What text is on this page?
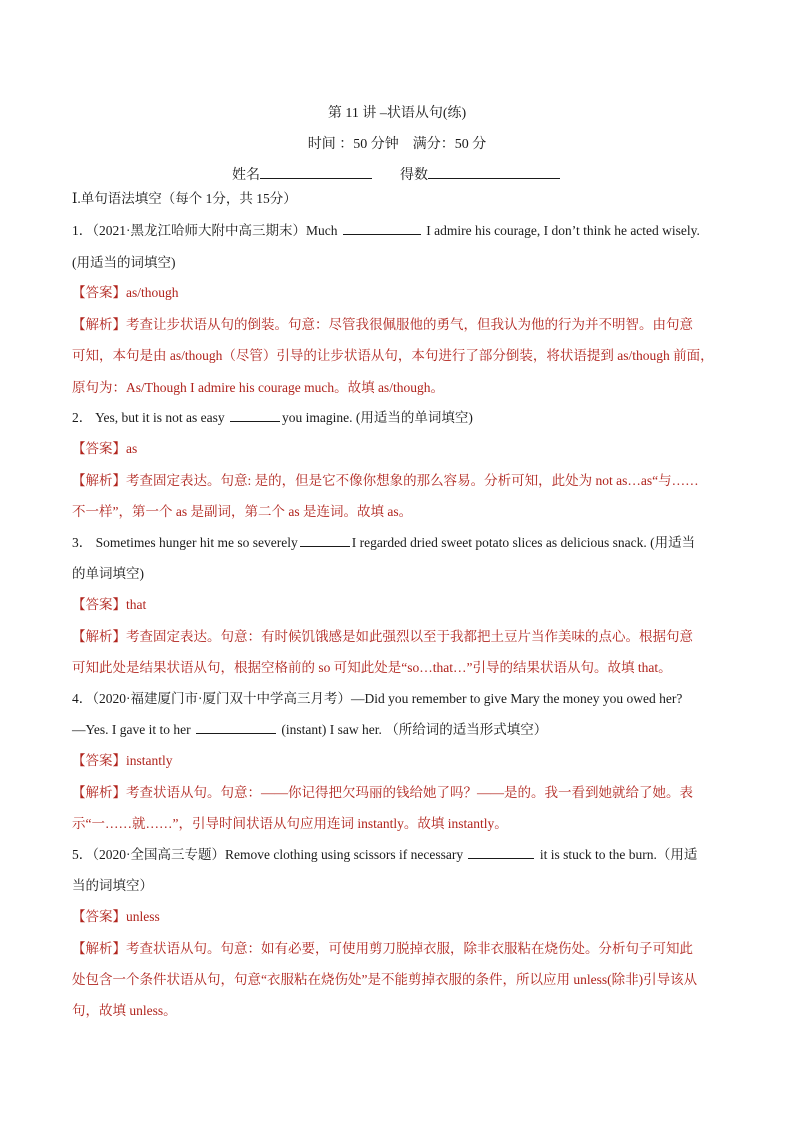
第 11 讲 –状语从句(练)
时间 ：50 分钟 满分：50 分
姓名	得数
Ⅰ.单句语法填空（每个 1分，共 15分）
1．（2021·黑龙江哈师大附中高三期末）Much	I admire his courage, I don’t think he acted wisely.
(用适当的词填空)
【答案】as/though
【解析】考查让步状语从句的倒装。句意：尽管我很佩服他的勇气，但我认为他的行为并不明智。由句意
可知，本句是由 as/though（尽管）引导的让步状语从句，本句进行了部分倒装，将状语提到 as/though 前面，
原句为：As/Though I admire his courage much。故填 as/though。
2． Yes, but it is not as easy	you imagine. (用适当的单词填空)
【答案】as
【解析】考查固定表达。句意: 是的，但是它不像你想象的那么容易。分析可知，此处为 not as…as“与……
不一样”，第一个 as 是副词，第二个 as 是连词。故填 as。
3． Sometimes hunger hit me so severely	I regarded dried sweet potato slices as delicious snack. (用适当
的单词填空)
【答案】that
【解析】考查固定表达。句意：有时候饥饿感是如此强烈以至于我都把土豆片当作美味的点心。根据句意
可知此处是结果状语从句，根据空格前的 so 可知此处是“so…that…”引导的结果状语从句。故填 that。
4．（2020·福建厦门市·厦门双十中学高三月考）—Did you remember to give Mary the money you owed her?
—Yes. I gave it to her	(instant) I saw her. （所给词的适当形式填空）
【答案】instantly
【解析】考查状语从句。句意：——你记得把欠玛丽的钱给她了吗？——是的。我一看到她就给了她。表
示“一……就……”，引导时间状语从句应用连词 instantly。故填 instantly。
5．（2020·全国高三专题）Remove clothing using scissors if necessary	it is stuck to the burn.（用适
当的词填空）
【答案】unless
【解析】考查状语从句。句意：如有必要，可使用剪刀脱掉衣服，除非衣服粘在烧伤处。分析句子可知此
处包含一个条件状语从句，句意“衣服粘在烧伤处”是不能剪掉衣服的条件，所以应用 unless(除非)引导该从
句，故填 unless。
